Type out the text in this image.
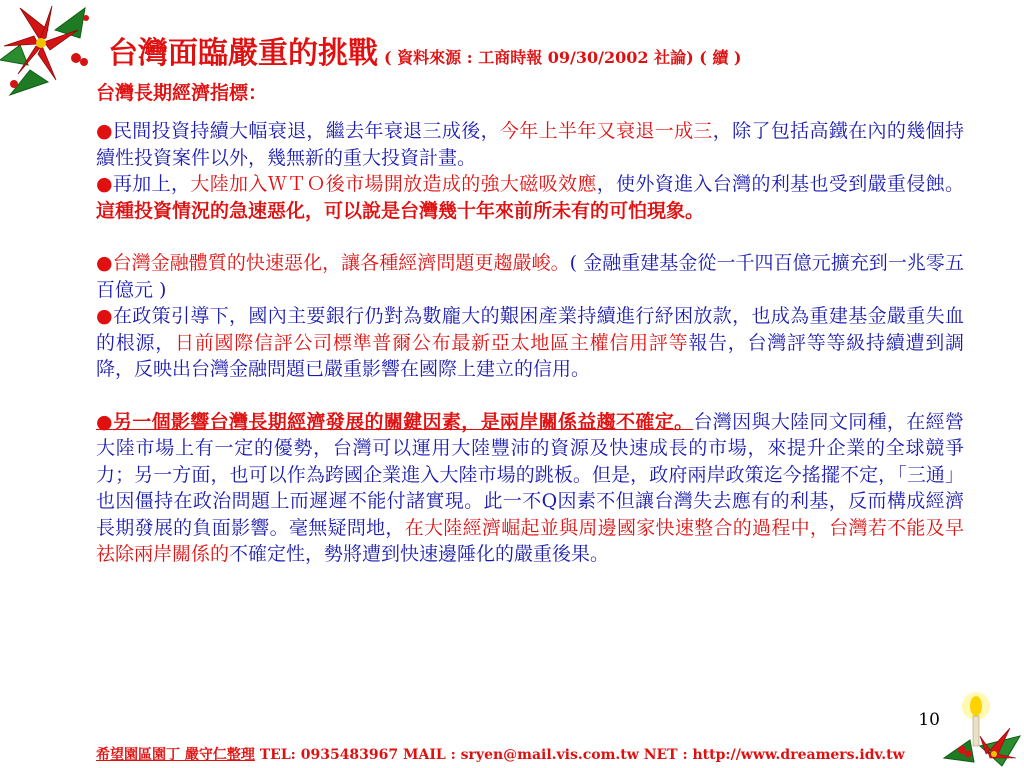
台灣面臨嚴重的挑戰 ( 資料來源 : 工商時報 09/30/2002 社論) ( 續 )
台灣長期經濟指標：

●民間投資持續大幅衰退，繼去年衰退三成後，今年上半年又衰退一成三，除了包括高鐵在內的幾個持續性投資案件以外，幾無新的重大投資計畫。

●再加上，大陸加入ＷＴＯ後市場開放造成的強大磁吸效應，使外資進入台灣的利基也受到嚴重侵蝕。這種投資情況的急速惡化，可以說是台灣幾十年來前所未有的可怕現象。

●台灣金融體質的快速惡化，讓各種經濟問題更趨嚴峻。( 金融重建基金從一千四百億元擴充到一兆零五百億元 )

●在政策引導下，國內主要銀行仍對為數龐大的艱困產業持續進行紓困放款，也成為重建基金嚴重失血的根源，日前國際信評公司標準普爾公布最新亞太地區主權信用評等報告，台灣評等等級持續遭到調降，反映出台灣金融問題已嚴重影響在國際上建立的信用。

●另一個影響台灣長期經濟發展的關鍵因素，是兩岸關係益趨不確定。台灣因與大陸同文同種，在經營大陸市場上有一定的優勢，台灣可以運用大陸豐沛的資源及快速成長的市場，來提升企業的全球競爭力；另一方面，也可以作為跨國企業進入大陸市場的跳板。但是，政府兩岸政策迄今搖擺不定，「三通」也因僵持在政治問題上而遲遲不能付諸實現。此一不Q因素不但讓台灣失去應有的利基，反而構成經濟長期發展的負面影響。毫無疑問地，在大陸經濟崛起並與周邊國家快速整合的過程中，台灣若不能及早祛除兩岸關係的不確定性，勢將遭到快速邊陲化的嚴重後果。

10
希望園區園丁 嚴守仁整理 TEL: 0935483967 MAIL : sryen@mail.vis.com.tw NET : http://www.dreamers.idv.tw
